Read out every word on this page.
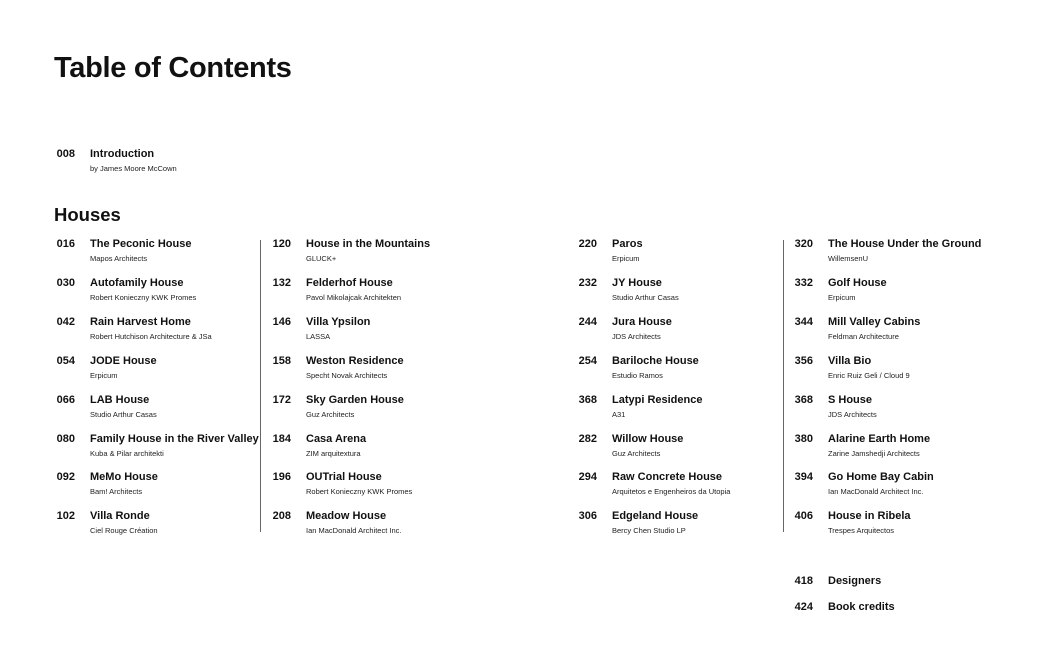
Table of Contents
008 Introduction
by James Moore McCown
Houses
016 The Peconic House
Mapos Architects
030 Autofamily House
Robert Konieczny KWK Promes
042 Rain Harvest Home
Robert Hutchison Architecture & JSa
054 JODE House
Erpicum
066 LAB House
Studio Arthur Casas
080 Family House in the River Valley
Kuba & Pilar architekti
092 MeMo House
Bam! Architects
102 Villa Ronde
Ciel Rouge Création
120 House in the Mountains
GLUCK+
132 Felderhof House
Pavol Mikolajcak Architekten
146 Villa Ypsilon
LASSA
158 Weston Residence
Specht Novak Architects
172 Sky Garden House
Guz Architects
184 Casa Arena
ZIM arquitextura
196 OUTrial House
Robert Konieczny KWK Promes
208 Meadow House
Ian MacDonald Architect Inc.
220 Paros
Erpicum
232 JY House
Studio Arthur Casas
244 Jura House
JDS Architects
254 Bariloche House
Estudio Ramos
368 Latypi Residence
A31
282 Willow House
Guz Architects
294 Raw Concrete House
Arquitetos e Engenheiros da Utopia
306 Edgeland House
Bercy Chen Studio LP
320 The House Under the Ground
WillemsenU
332 Golf House
Erpicum
344 Mill Valley Cabins
Feldman Architecture
356 Villa Bio
Enric Ruiz Geli / Cloud 9
368 S House
JDS Architects
380 Alarine Earth Home
Zarine Jamshedji Architects
394 Go Home Bay Cabin
Ian MacDonald Architect Inc.
406 House in Ribela
Trespes Arquitectos
418 Designers
424 Book credits
